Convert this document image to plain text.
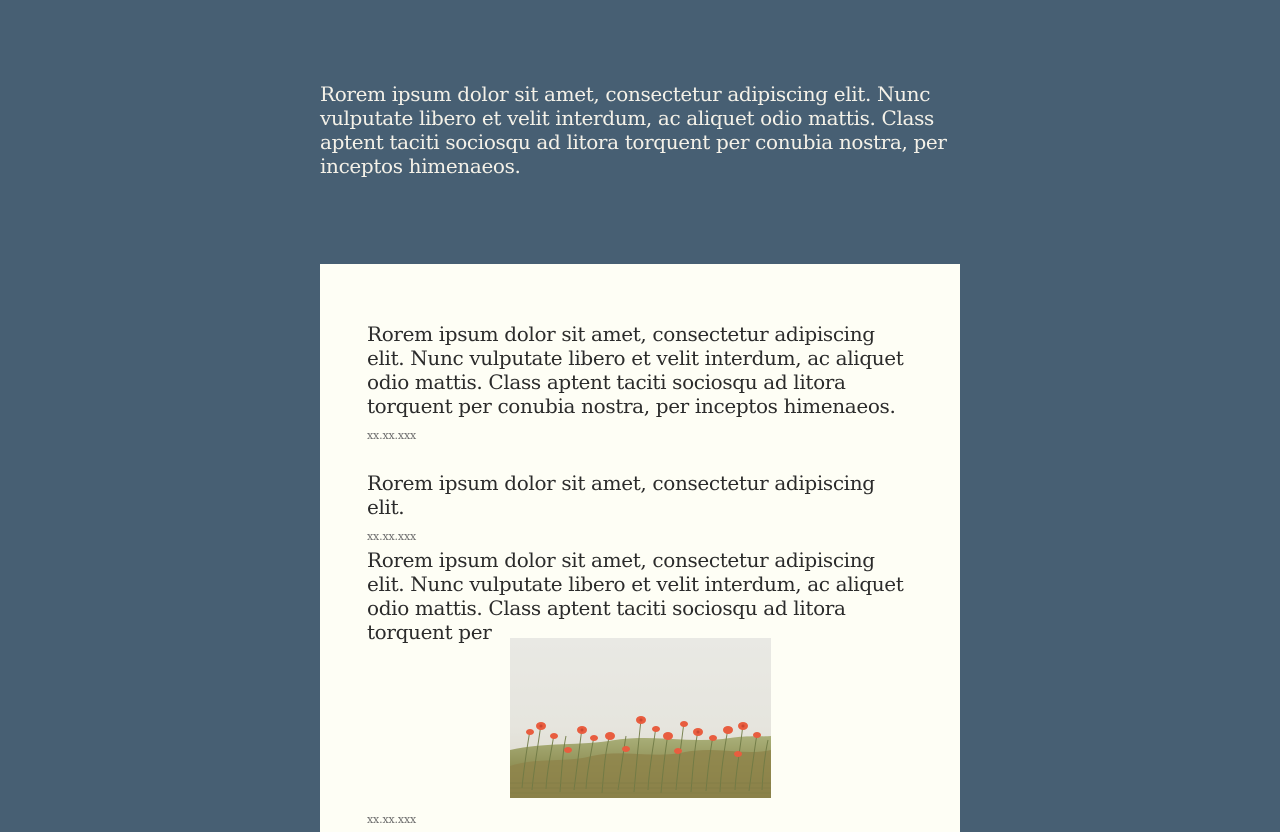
Rorem ipsum dolor sit amet, consectetur adipiscing elit. Nunc vulputate libero et velit interdum, ac aliquet odio mattis. Class aptent taciti sociosqu ad litora torquent per conubia nostra, per inceptos himenaeos.

Rorem ipsum dolor sit amet, consectetur adipiscing elit. Nunc vulputate libero et velit interdum, ac aliquet odio mattis. Class aptent taciti sociosqu ad litora torquent per conubia nostra, per inceptos himenaeos.

xx.xx.xxx

Rorem ipsum dolor sit amet, consectetur adipiscing elit.

xx.xx.xxx

Rorem ipsum dolor sit amet, consectetur adipiscing elit. Nunc vulputate libero et velit interdum, ac aliquet odio mattis. Class aptent taciti sociosqu ad litora torquent per

xx.xx.xxx
